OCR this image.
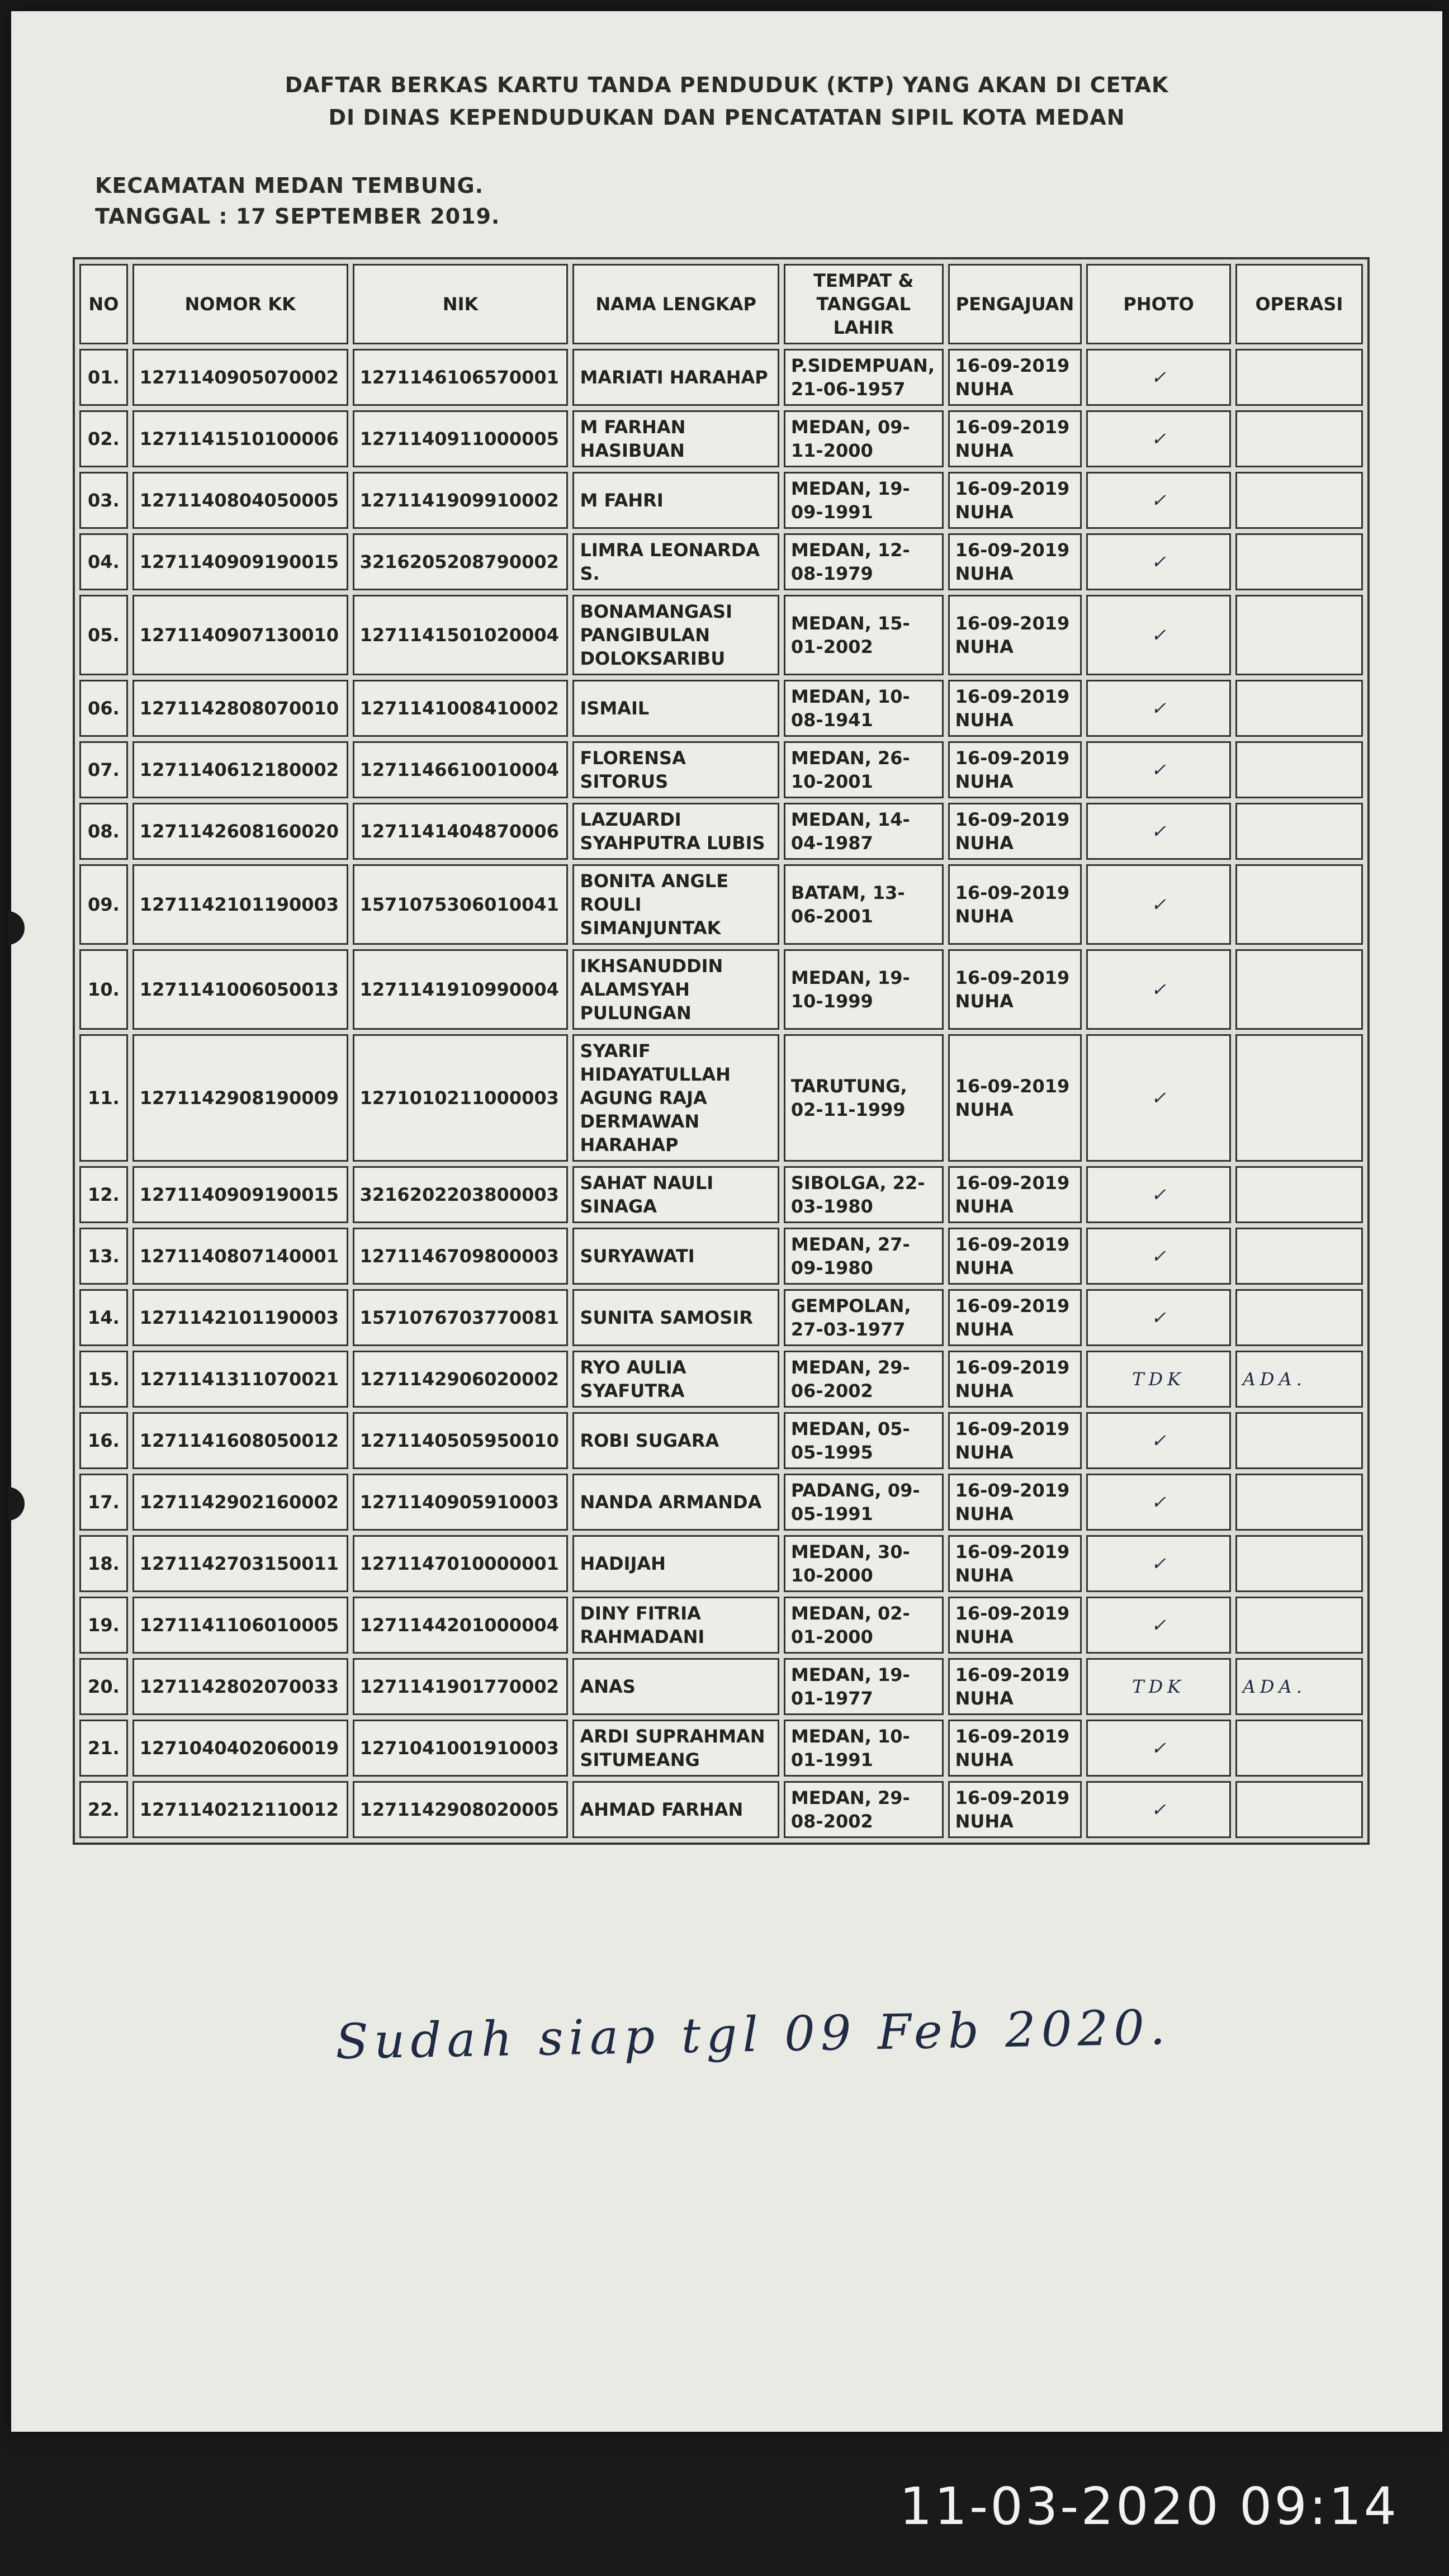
DAFTAR BERKAS KARTU TANDA PENDUDUK (KTP) YANG AKAN DI CETAK
DI DINAS KEPENDUDUKAN DAN PENCATATAN SIPIL KOTA MEDAN
KECAMATAN MEDAN TEMBUNG.
TANGGAL : 17 SEPTEMBER 2019.
NO	NOMOR KK	NIK	NAMA LENGKAP	TEMPAT & TANGGAL LAHIR	PENGAJUAN	PHOTO	OPERASI
01.	1271140905070002	1271146106570001	MARIATI HARAHAP	P.SIDEMPUAN, 21-06-1957	16-09-2019 NUHA	✓	
02.	1271141510100006	1271140911000005	M FARHAN HASIBUAN	MEDAN, 09-11-2000	16-09-2019 NUHA	✓	
03.	1271140804050005	1271141909910002	M FAHRI	MEDAN, 19-09-1991	16-09-2019 NUHA	✓	
04.	1271140909190015	3216205208790002	LIMRA LEONARDA S.	MEDAN, 12-08-1979	16-09-2019 NUHA	✓	
05.	1271140907130010	1271141501020004	BONAMANGASI PANGIBULAN DOLOKSARIBU	MEDAN, 15-01-2002	16-09-2019 NUHA	✓	
06.	1271142808070010	1271141008410002	ISMAIL	MEDAN, 10-08-1941	16-09-2019 NUHA	✓	
07.	1271140612180002	1271146610010004	FLORENSA SITORUS	MEDAN, 26-10-2001	16-09-2019 NUHA	✓	
08.	1271142608160020	1271141404870006	LAZUARDI SYAHPUTRA LUBIS	MEDAN, 14-04-1987	16-09-2019 NUHA	✓	
09.	1271142101190003	1571075306010041	BONITA ANGLE ROULI SIMANJUNTAK	BATAM, 13-06-2001	16-09-2019 NUHA	✓	
10.	1271141006050013	1271141910990004	IKHSANUDDIN ALAMSYAH PULUNGAN	MEDAN, 19-10-1999	16-09-2019 NUHA	✓	
11.	1271142908190009	1271010211000003	SYARIF HIDAYATULLAH AGUNG RAJA DERMAWAN HARAHAP	TARUTUNG, 02-11-1999	16-09-2019 NUHA	✓	
12.	1271140909190015	3216202203800003	SAHAT NAULI SINAGA	SIBOLGA, 22-03-1980	16-09-2019 NUHA	✓	
13.	1271140807140001	1271146709800003	SURYAWATI	MEDAN, 27-09-1980	16-09-2019 NUHA	✓	
14.	1271142101190003	1571076703770081	SUNITA SAMOSIR	GEMPOLAN, 27-03-1977	16-09-2019 NUHA	✓	
15.	1271141311070021	1271142906020002	RYO AULIA SYAFUTRA	MEDAN, 29-06-2002	16-09-2019 NUHA	TDK	ADA.
16.	1271141608050012	1271140505950010	ROBI SUGARA	MEDAN, 05-05-1995	16-09-2019 NUHA	✓	
17.	1271142902160002	1271140905910003	NANDA ARMANDA	PADANG, 09-05-1991	16-09-2019 NUHA	✓	
18.	1271142703150011	1271147010000001	HADIJAH	MEDAN, 30-10-2000	16-09-2019 NUHA	✓	
19.	1271141106010005	1271144201000004	DINY FITRIA RAHMADANI	MEDAN, 02-01-2000	16-09-2019 NUHA	✓	
20.	1271142802070033	1271141901770002	ANAS	MEDAN, 19-01-1977	16-09-2019 NUHA	TDK	ADA.
21.	1271040402060019	1271041001910003	ARDI SUPRAHMAN SITUMEANG	MEDAN, 10-01-1991	16-09-2019 NUHA	✓	
22.	1271140212110012	1271142908020005	AHMAD FARHAN	MEDAN, 29-08-2002	16-09-2019 NUHA	✓	
Sudah siap tgl 09 Feb 2020.
11-03-2020 09:14
